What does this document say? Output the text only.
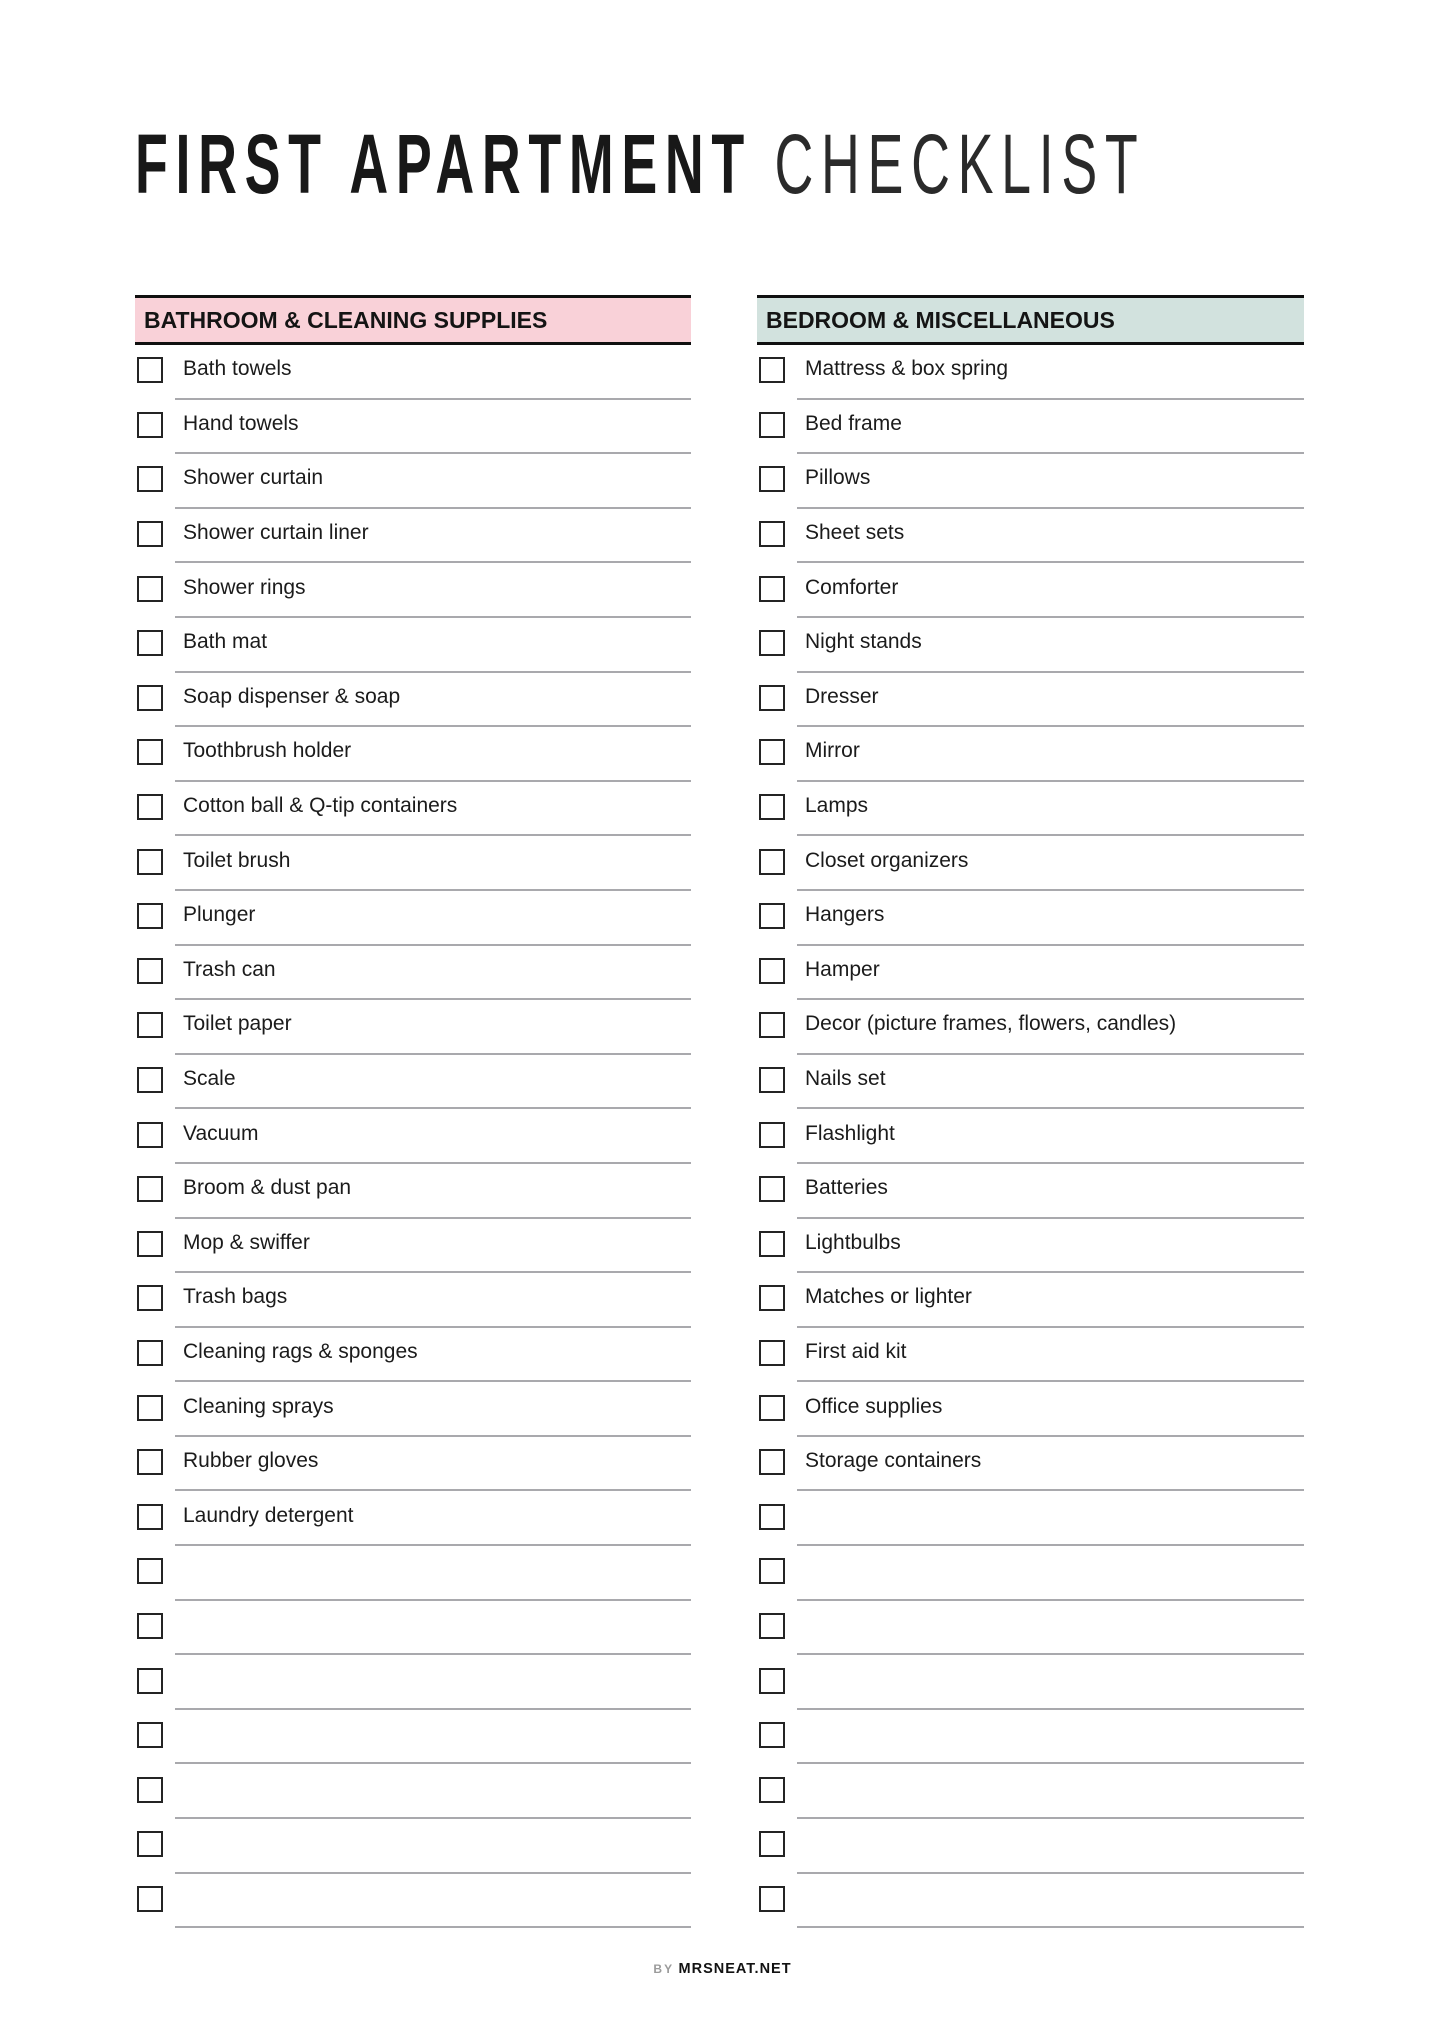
FIRST APARTMENT CHECKLIST
BATHROOM & CLEANING SUPPLIES
Bath towels
Hand towels
Shower curtain
Shower curtain liner
Shower rings
Bath mat
Soap dispenser & soap
Toothbrush holder
Cotton ball & Q-tip containers
Toilet brush
Plunger
Trash can
Toilet paper
Scale
Vacuum
Broom & dust pan
Mop & swiffer
Trash bags
Cleaning rags & sponges
Cleaning sprays
Rubber gloves
Laundry detergent
BEDROOM & MISCELLANEOUS
Mattress & box spring
Bed frame
Pillows
Sheet sets
Comforter
Night stands
Dresser
Mirror
Lamps
Closet organizers
Hangers
Hamper
Decor (picture frames, flowers, candles)
Nails set
Flashlight
Batteries
Lightbulbs
Matches or lighter
First aid kit
Office supplies
Storage containers
BY MRSNEAT.NET
